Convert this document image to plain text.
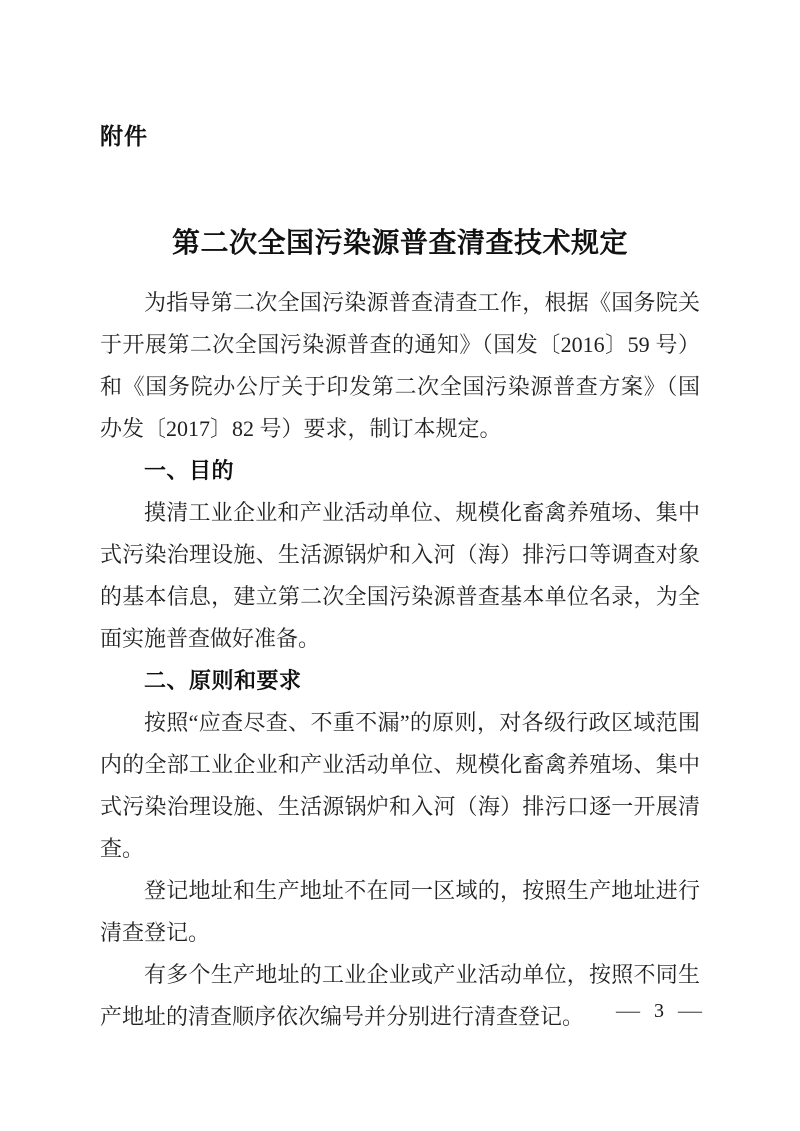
附件
第二次全国污染源普查清查技术规定

为指导第二次全国污染源普查清查工作，根据《国务院关于开展第二次全国污染源普查的通知》（国发〔2016〕59 号）和《国务院办公厅关于印发第二次全国污染源普查方案》（国办发〔2017〕82 号）要求，制订本规定。

一、目的

摸清工业企业和产业活动单位、规模化畜禽养殖场、集中式污染治理设施、生活源锅炉和入河（海）排污口等调查对象的基本信息，建立第二次全国污染源普查基本单位名录，为全面实施普查做好准备。

二、原则和要求

按照“应查尽查、不重不漏”的原则，对各级行政区域范围内的全部工业企业和产业活动单位、规模化畜禽养殖场、集中式污染治理设施、生活源锅炉和入河（海）排污口逐一开展清查。

登记地址和生产地址不在同一区域的，按照生产地址进行清查登记。

有多个生产地址的工业企业或产业活动单位，按照不同生产地址的清查顺序依次编号并分别进行清查登记。	— 3 —
